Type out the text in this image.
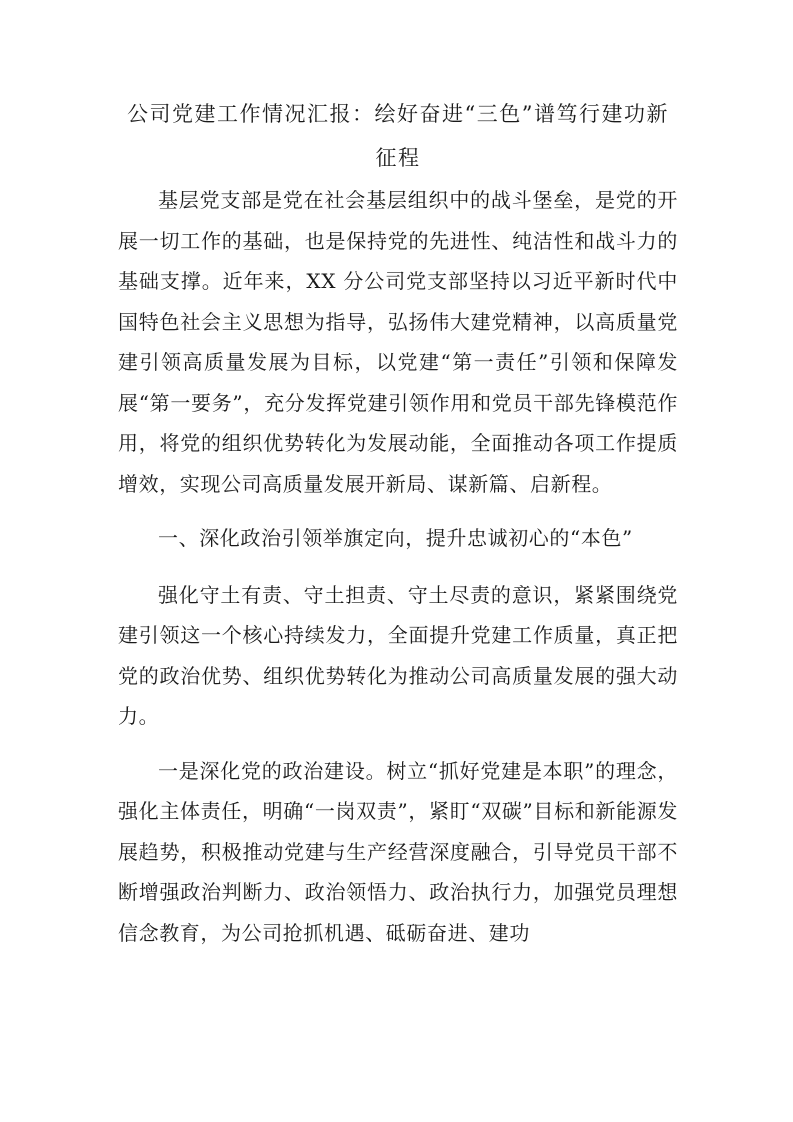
公司党建工作情况汇报：绘好奋进“三色”谱笃行建功新征程

基层党支部是党在社会基层组织中的战斗堡垒，是党的开展一切工作的基础，也是保持党的先进性、纯洁性和战斗力的基础支撑。近年来，XX 分公司党支部坚持以习近平新时代中国特色社会主义思想为指导，弘扬伟大建党精神，以高质量党建引领高质量发展为目标，以党建“第一责任”引领和保障发展“第一要务”，充分发挥党建引领作用和党员干部先锋模范作用，将党的组织优势转化为发展动能，全面推动各项工作提质增效，实现公司高质量发展开新局、谋新篇、启新程。

一、深化政治引领举旗定向，提升忠诚初心的“本色”

强化守土有责、守土担责、守土尽责的意识，紧紧围绕党建引领这一个核心持续发力，全面提升党建工作质量，真正把党的政治优势、组织优势转化为推动公司高质量发展的强大动力。

一是深化党的政治建设。树立“抓好党建是本职”的理念，强化主体责任，明确“一岗双责”，紧盯“双碳”目标和新能源发展趋势，积极推动党建与生产经营深度融合，引导党员干部不断增强政治判断力、政治领悟力、政治执行力，加强党员理想信念教育，为公司抢抓机遇、砥砺奋进、建功
